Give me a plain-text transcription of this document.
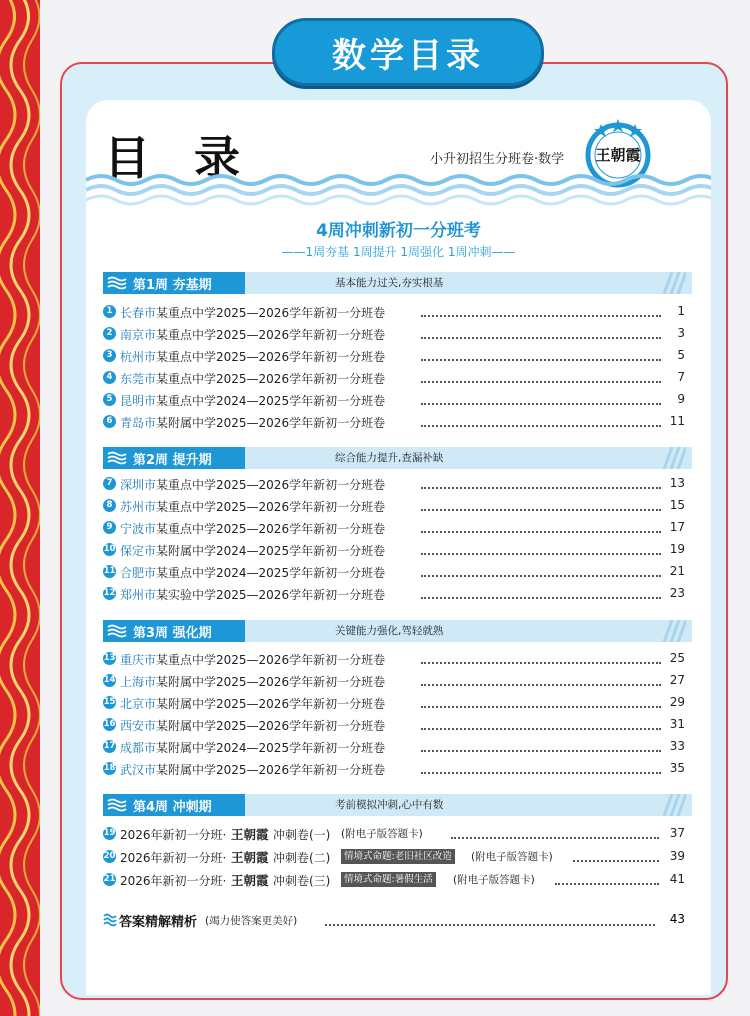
数学目录
目 录	小升初招生分班卷·数学 王朝霞
4周冲刺新初一分班考
——1周夯基 1周提升 1周强化 1周冲刺——
第1周 夯基期	基本能力过关,夯实根基
1 长春市 某重点中学2025—2026学年新初一分班卷	1
2 南京市 某重点中学2025—2026学年新初一分班卷	3
3 杭州市 某重点中学2025—2026学年新初一分班卷	5
4 东莞市 某重点中学2025—2026学年新初一分班卷	7
5 昆明市 某重点中学2024—2025学年新初一分班卷	9
6 青岛市 某附属中学2025—2026学年新初一分班卷	11
第2周 提升期	综合能力提升,查漏补缺
7 深圳市 某重点中学2025—2026学年新初一分班卷	13
8 苏州市 某重点中学2025—2026学年新初一分班卷	15
9 宁波市 某重点中学2025—2026学年新初一分班卷	17
10 保定市 某附属中学2024—2025学年新初一分班卷	19
11 合肥市 某重点中学2024—2025学年新初一分班卷	21
12 郑州市 某实验中学2025—2026学年新初一分班卷	23
第3周 强化期	关键能力强化,驾轻就熟
13 重庆市 某重点中学2025—2026学年新初一分班卷	25
14 上海市 某附属中学2025—2026学年新初一分班卷	27
15 北京市 某附属中学2025—2026学年新初一分班卷	29
16 西安市 某附属中学2025—2026学年新初一分班卷	31
17 成都市 某附属中学2024—2025学年新初一分班卷	33
18 武汉市 某附属中学2025—2026学年新初一分班卷	35
第4周 冲刺期	考前模拟冲刺,心中有数
19 2026年新初一分班· 王朝霞 冲刺卷(一) (附电子版答题卡)	37
20 2026年新初一分班· 王朝霞 冲刺卷(二)	情境式命题:老旧社区改造 (附电子版答题卡)	39
21 2026年新初一分班· 王朝霞 冲刺卷(三)	情境式命题:暑假生活 (附电子版答题卡)	41
答案精解精析 (竭力使答案更美好)	43
